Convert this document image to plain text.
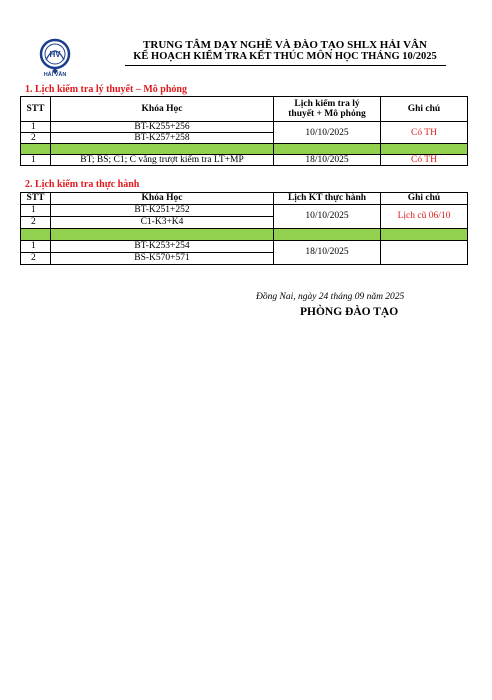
HV
HẢI VÂN
TRUNG TÂM DẠY NGHỀ VÀ ĐÀO TẠO SHLX HẢI VÂN
KẾ HOẠCH KIỂM TRA KẾT THÚC MÔN HỌC THÁNG 10/2025
1. Lịch kiểm tra lý thuyết – Mô phỏng
STT	Khóa Học	Lịch kiểm tra lý
thuyết + Mô phỏng	Ghi chú
1	BT-K255+256	10/10/2025	Có TH
2	BT-K257+258		

1	BT; BS; C1; C vắng trượt kiểm tra LT+MP	18/10/2025	Có TH
2. Lịch kiểm tra thực hành
STT	Khóa Học	Lịch KT thực hành	Ghi chú
1	BT-K251+252	10/10/2025	Lịch cũ 06/10
2	C1-K3+K4		

1	BT-K253+254	18/10/2025	
2	BS-K570+571		
Đồng Nai, ngày 24 tháng 09 năm 2025
PHÒNG ĐÀO TẠO
